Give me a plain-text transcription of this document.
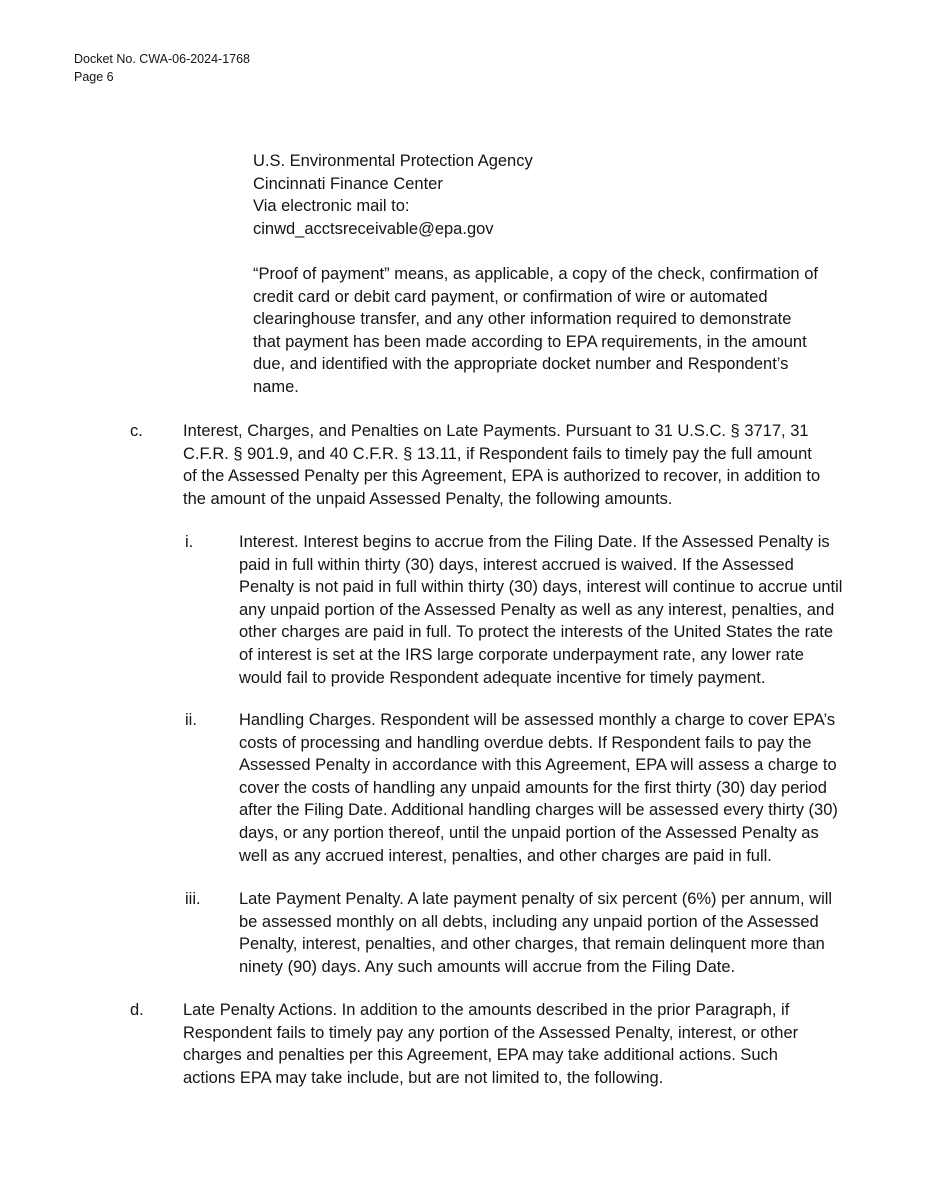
Docket No. CWA-06-2024-1768
Page 6
U.S. Environmental Protection Agency
Cincinnati Finance Center
Via electronic mail to:
cinwd_acctsreceivable@epa.gov
“Proof of payment” means, as applicable, a copy of the check, confirmation of credit card or debit card payment, or confirmation of wire or automated clearinghouse transfer, and any other information required to demonstrate that payment has been made according to EPA requirements, in the amount due, and identified with the appropriate docket number and Respondent’s name.
c. Interest, Charges, and Penalties on Late Payments. Pursuant to 31 U.S.C. § 3717, 31 C.F.R. § 901.9, and 40 C.F.R. § 13.11, if Respondent fails to timely pay the full amount of the Assessed Penalty per this Agreement, EPA is authorized to recover, in addition to the amount of the unpaid Assessed Penalty, the following amounts.
i.	Interest. Interest begins to accrue from the Filing Date. If the Assessed Penalty is paid in full within thirty (30) days, interest accrued is waived. If the Assessed Penalty is not paid in full within thirty (30) days, interest will continue to accrue until any unpaid portion of the Assessed Penalty as well as any interest, penalties, and other charges are paid in full. To protect the interests of the United States the rate of interest is set at the IRS large corporate underpayment rate, any lower rate would fail to provide Respondent adequate incentive for timely payment.
ii.	Handling Charges. Respondent will be assessed monthly a charge to cover EPA’s costs of processing and handling overdue debts. If Respondent fails to pay the Assessed Penalty in accordance with this Agreement, EPA will assess a charge to cover the costs of handling any unpaid amounts for the first thirty (30) day period after the Filing Date. Additional handling charges will be assessed every thirty (30) days, or any portion thereof, until the unpaid portion of the Assessed Penalty as well as any accrued interest, penalties, and other charges are paid in full.
iii. Late Payment Penalty. A late payment penalty of six percent (6%) per annum, will be assessed monthly on all debts, including any unpaid portion of the Assessed Penalty, interest, penalties, and other charges, that remain delinquent more than ninety (90) days. Any such amounts will accrue from the Filing Date.
d. Late Penalty Actions. In addition to the amounts described in the prior Paragraph, if Respondent fails to timely pay any portion of the Assessed Penalty, interest, or other charges and penalties per this Agreement, EPA may take additional actions. Such actions EPA may take include, but are not limited to, the following.
